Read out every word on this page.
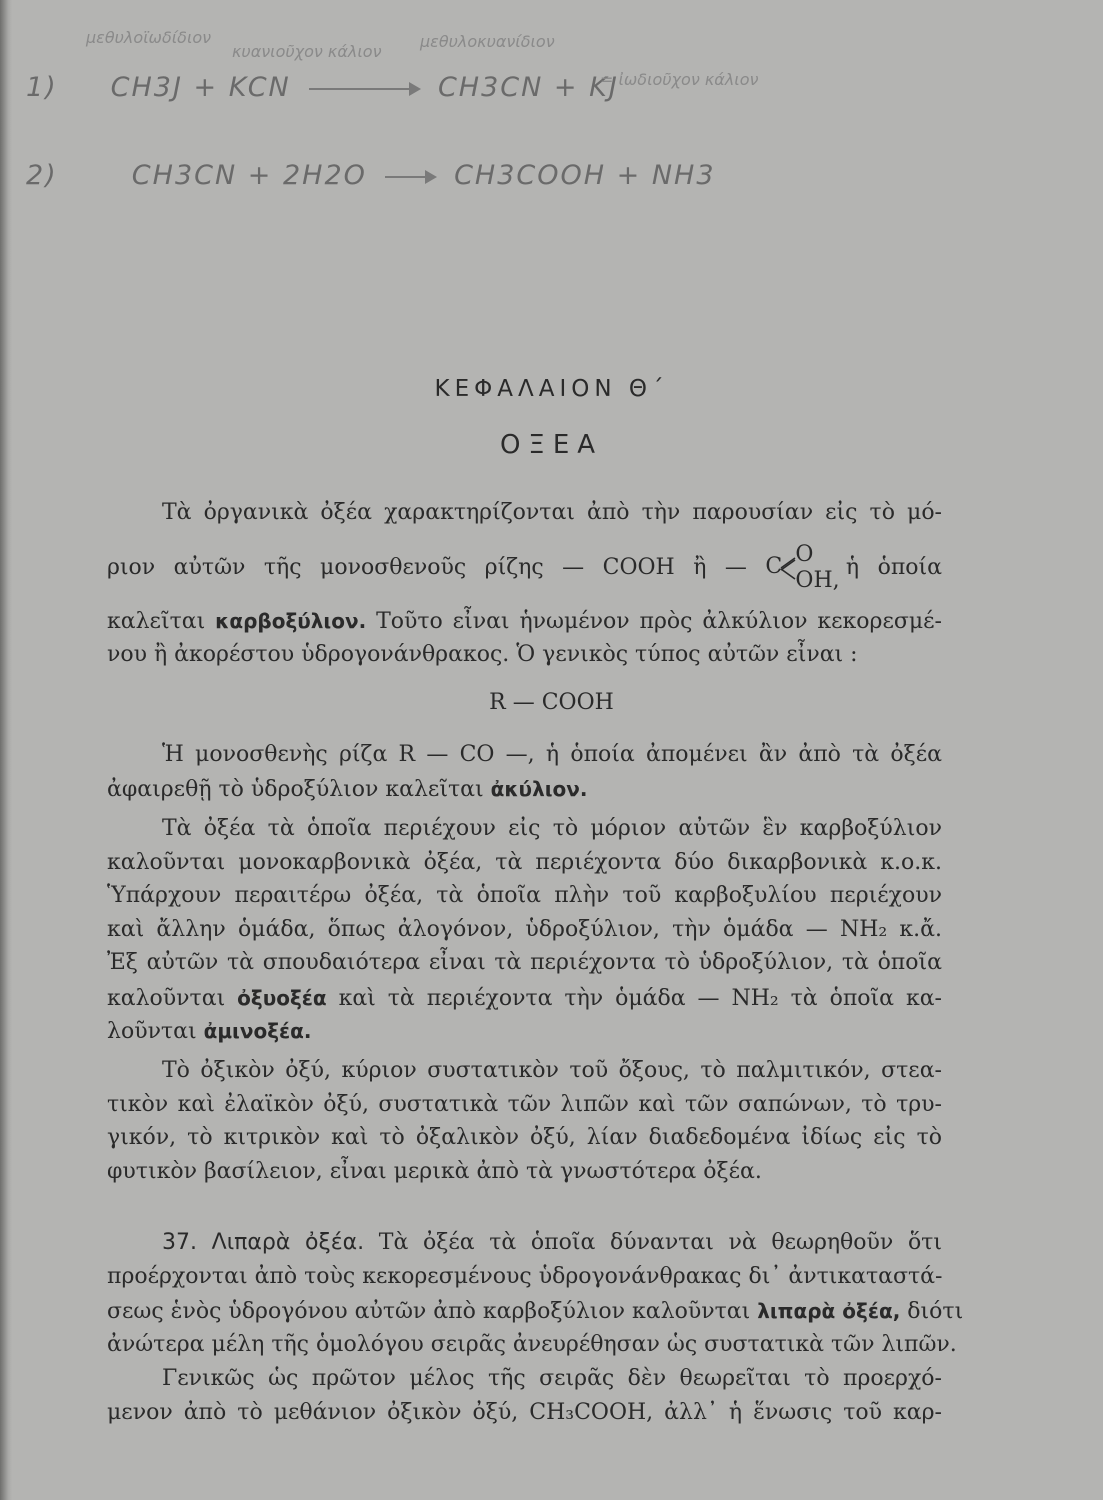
μεθυλοϊωδίδιον
κυανιοῦχον κάλιον
μεθυλοκυανίδιον
1) CH3J + KCN	CH3CN + KJ
= ἰωδιοῦχον κάλιον
2)	CH3CN + 2H2O	CH3COOH + NH3
ΚΕΦΑΛΑΙΟΝ Θ΄
ΟΞΕΑ
Τὰ ὀργανικὰ ὀξέα χαρακτηρίζονται ἀπὸ τὴν παρουσίαν εἰς τὸ μό-
ριον αὐτῶν τῆς μονοσθενοῦς ρίζης — COOH ἢ — C O
OH,
ἡ ὁποία
καλεῖται καρβοξύλιον. Τοῦτο εἶναι ἡνωμένον πρὸς ἀλκύλιον κεκορεσμέ-
νου ἢ ἀκορέστου ὑδρογονάνθρακος. Ὁ γενικὸς τύπος αὐτῶν εἶναι :
R — COOH
Ἡ μονοσθενὴς ρίζα R — CO —, ἡ ὁποία ἀπομένει ἂν ἀπὸ τὰ ὀξέα
ἀφαιρεθῇ τὸ ὑδροξύλιον καλεῖται ἀκύλιον.
Τὰ ὀξέα τὰ ὁποῖα περιέχουν εἰς τὸ μόριον αὐτῶν ἓν καρβοξύλιον
καλοῦνται μονοκαρβονικὰ ὀξέα, τὰ περιέχοντα δύο δικαρβονικὰ κ.ο.κ.
Ὑπάρχουν περαιτέρω ὀξέα, τὰ ὁποῖα πλὴν τοῦ καρβοξυλίου περιέχουν
καὶ ἄλλην ὁμάδα, ὅπως ἀλογόνον, ὑδροξύλιον, τὴν ὁμάδα — NH₂ κ.ἄ.
Ἐξ αὐτῶν τὰ σπουδαιότερα εἶναι τὰ περιέχοντα τὸ ὑδροξύλιον, τὰ ὁποῖα
καλοῦνται ὀξυοξέα καὶ τὰ περιέχοντα τὴν ὁμάδα — NH₂ τὰ ὁποῖα κα-
λοῦνται ἀμινοξέα.
Τὸ ὀξικὸν ὀξύ, κύριον συστατικὸν τοῦ ὄξους, τὸ παλμιτικόν, στεα-
τικὸν καὶ ἐλαϊκὸν ὀξύ, συστατικὰ τῶν λιπῶν καὶ τῶν σαπώνων, τὸ τρυ-
γικόν, τὸ κιτρικὸν καὶ τὸ ὀξαλικὸν ὀξύ, λίαν διαδεδομένα ἰδίως εἰς τὸ
φυτικὸν βασίλειον, εἶναι μερικὰ ἀπὸ τὰ γνωστότερα ὀξέα.
37. Λιπαρὰ ὀξέα. Τὰ ὀξέα τὰ ὁποῖα δύνανται νὰ θεωρηθοῦν ὅτι
προέρχονται ἀπὸ τοὺς κεκορεσμένους ὑδρογονάνθρακας δι᾽ ἀντικαταστά-
σεως ἑνὸς ὑδρογόνου αὐτῶν ἀπὸ καρβοξύλιον καλοῦνται λιπαρὰ ὀξέα, διότι
ἀνώτερα μέλη τῆς ὁμολόγου σειρᾶς ἀνευρέθησαν ὡς συστατικὰ τῶν λιπῶν.
Γενικῶς ὡς πρῶτον μέλος τῆς σειρᾶς δὲν θεωρεῖται τὸ προερχό-
μενον ἀπὸ τὸ μεθάνιον ὀξικὸν ὀξύ, CH₃COOH, ἀλλ᾽ ἡ ἕνωσις τοῦ καρ-
